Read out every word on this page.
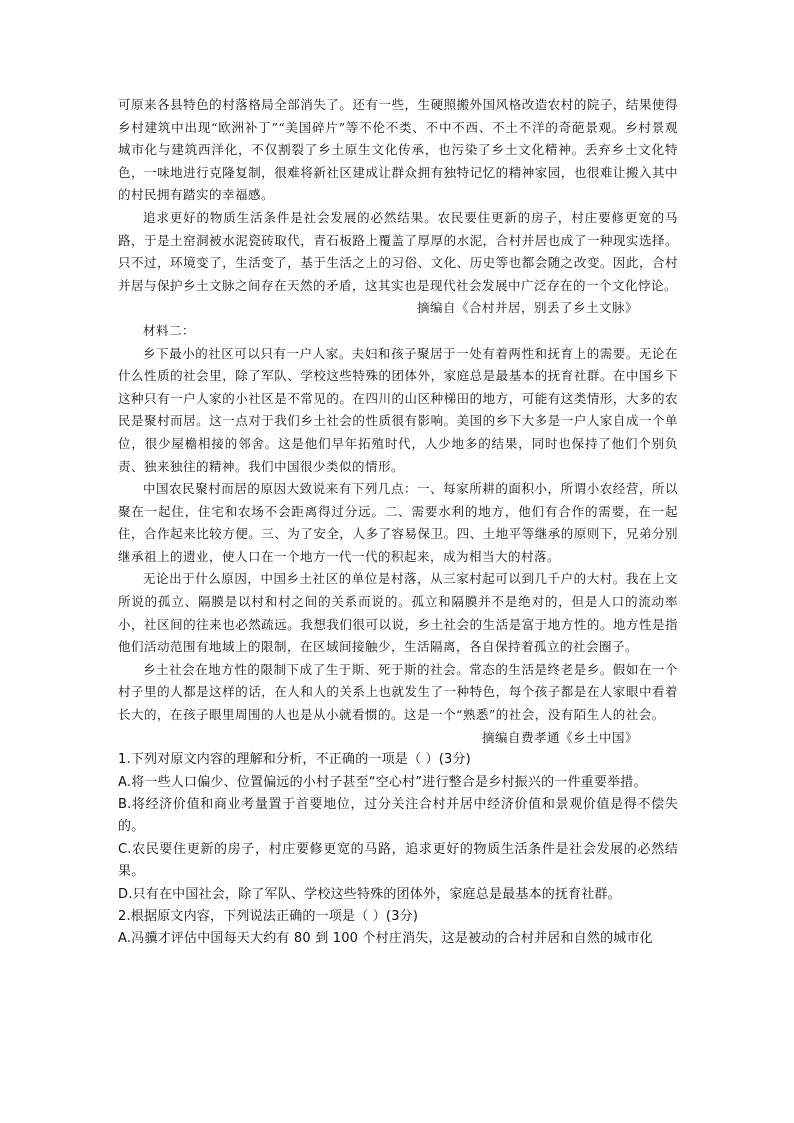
可原来各县特色的村落格局全部消失了。还有一些，生硬照搬外国风格改造农村的院子，结果使得乡村建筑中出现“欧洲补丁”“美国碎片”等不伦不类、不中不西、不土不洋的奇葩景观。乡村景观城市化与建筑西洋化，不仅割裂了乡土原生文化传承，也污染了乡土文化精神。丢弃乡土文化特色，一味地进行克隆复制，很难将新社区建成让群众拥有独特记忆的精神家园，也很难让搬入其中的村民拥有踏实的幸福感。

追求更好的物质生活条件是社会发展的必然结果。农民要住更新的房子，村庄要修更宽的马路，于是土窑洞被水泥瓷砖取代，青石板路上覆盖了厚厚的水泥，合村并居也成了一种现实选择。只不过，环境变了，生活变了，基于生活之上的习俗、文化、历史等也都会随之改变。因此，合村并居与保护乡土文脉之间存在天然的矛盾，这其实也是现代社会发展中广泛存在的一个文化悖论。

摘编自《合村并居，别丢了乡土文脉》

材料二：

乡下最小的社区可以只有一户人家。夫妇和孩子聚居于一处有着两性和抚育上的需要。无论在什么性质的社会里，除了军队、学校这些特殊的团体外，家庭总是最基本的抚育社群。在中国乡下这种只有一户人家的小社区是不常见的。在四川的山区种梯田的地方，可能有这类情形，大多的农民是聚村而居。这一点对于我们乡土社会的性质很有影响。美国的乡下大多是一户人家自成一个单位，很少屋檐相接的邻舍。这是他们早年拓殖时代，人少地多的结果，同时也保持了他们个别负责、独来独往的精神。我们中国很少类似的情形。

中国农民聚村而居的原因大致说来有下列几点：一、每家所耕的面积小，所谓小农经营，所以聚在一起住，住宅和农场不会距离得过分远。二、需要水利的地方，他们有合作的需要，在一起住，合作起来比较方便。三、为了安全，人多了容易保卫。四、土地平等继承的原则下，兄弟分别继承祖上的遗业，使人口在一个地方一代一代的积起来，成为相当大的村落。

无论出于什么原因，中国乡土社区的单位是村落，从三家村起可以到几千户的大村。我在上文所说的孤立、隔膜是以村和村之间的关系而说的。孤立和隔膜并不是绝对的，但是人口的流动率小，社区间的往来也必然疏远。我想我们很可以说，乡土社会的生活是富于地方性的。地方性是指他们活动范围有地域上的限制，在区域间接触少，生活隔离，各自保持着孤立的社会圈子。

乡土社会在地方性的限制下成了生于斯、死于斯的社会。常态的生活是终老是乡。假如在一个村子里的人都是这样的话，在人和人的关系上也就发生了一种特色，每个孩子都是在人家眼中看着长大的，在孩子眼里周围的人也是从小就看惯的。这是一个“熟悉”的社会，没有陌生人的社会。

摘编自费孝通《乡土中国》

1.下列对原文内容的理解和分析，不正确的一项是（ ）(3分)

A.将一些人口偏少、位置偏远的小村子甚至“空心村”进行整合是乡村振兴的一件重要举措。

B.将经济价值和商业考量置于首要地位，过分关注合村并居中经济价值和景观价值是得不偿失的。

C.农民要住更新的房子，村庄要修更宽的马路，追求更好的物质生活条件是社会发展的必然结果。

D.只有在中国社会，除了军队、学校这些特殊的团体外，家庭总是最基本的抚育社群。

2.根据原文内容，下列说法正确的一项是（ ）(3分)

A.冯骥才评估中国每天大约有 80 到 100 个村庄消失，这是被动的合村并居和自然的城市化
